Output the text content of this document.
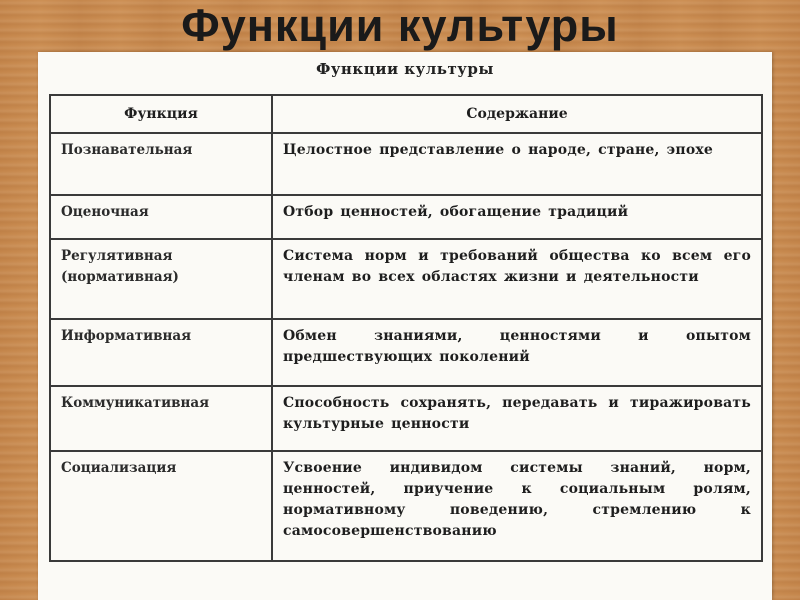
Функции культуры
Функции культуры
Функция	Содержание
Познавательная	Целостное представление о народе, стране, эпохе
Оценочная	Отбор ценностей, обогащение традиций
Регулятивная (нормативная)	Система норм и требований общества ко всем его членам во всех областях жизни и деятельности
Информативная	Обмен знаниями, ценностями и опытом предшествующих поколений
Коммуникативная	Способность сохранять, передавать и тиражировать культурные ценности
Социализация	Усвоение индивидом системы знаний, норм, ценностей, приучение к социальным ролям, нормативному поведению, стремлению к самосовершенствованию
